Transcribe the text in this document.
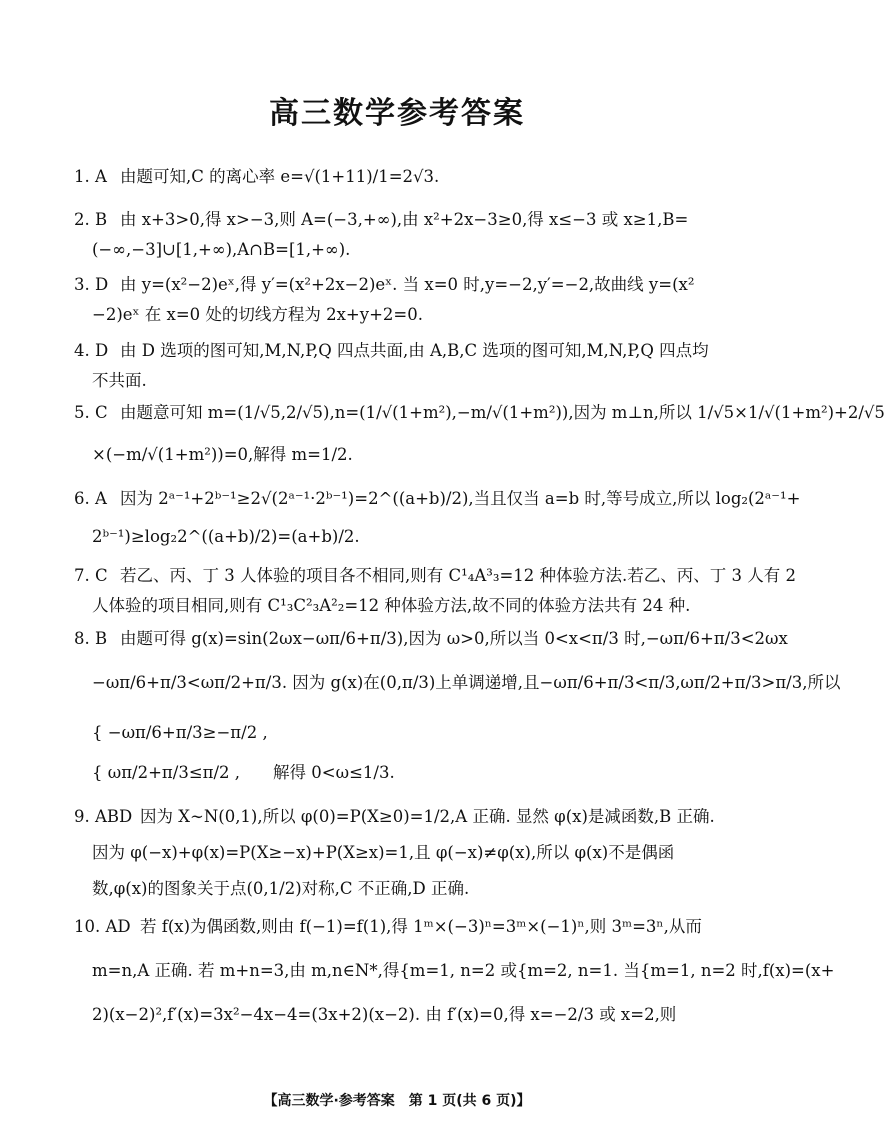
高三数学参考答案
1. A 由题可知,C 的离心率 e=√(1+11)/1=2√3.
2. B 由 x+3>0,得 x>−3,则 A=(−3,+∞),由 x²+2x−3≥0,得 x≤−3 或 x≥1,B=
(−∞,−3]∪[1,+∞),A∩B=[1,+∞).
3. D 由 y=(x²−2)eˣ,得 y′=(x²+2x−2)eˣ. 当 x=0 时,y=−2,y′=−2,故曲线 y=(x²
−2)eˣ 在 x=0 处的切线方程为 2x+y+2=0.
4. D 由 D 选项的图可知,M,N,P,Q 四点共面,由 A,B,C 选项的图可知,M,N,P,Q 四点均
不共面.
5. C 由题意可知 m=(1/√5,2/√5),n=(1/√(1+m²),−m/√(1+m²)),因为 m⊥n,所以 1/√5×1/√(1+m²)+2/√5
×(−m/√(1+m²))=0,解得 m=1/2.
6. A 因为 2ᵃ⁻¹+2ᵇ⁻¹≥2√(2ᵃ⁻¹·2ᵇ⁻¹)=2^((a+b)/2),当且仅当 a=b 时,等号成立,所以 log₂(2ᵃ⁻¹+
2ᵇ⁻¹)≥log₂2^((a+b)/2)=(a+b)/2.
7. C 若乙、丙、丁 3 人体验的项目各不相同,则有 C¹₄A³₃=12 种体验方法.若乙、丙、丁 3 人有 2
人体验的项目相同,则有 C¹₃C²₃A²₂=12 种体验方法,故不同的体验方法共有 24 种.
8. B 由题可得 g(x)=sin(2ωx−ωπ/6+π/3),因为 ω>0,所以当 0<x<π/3 时,−ωπ/6+π/3<2ωx
−ωπ/6+π/3<ωπ/2+π/3. 因为 g(x)在(0,π/3)上单调递增,且−ωπ/6+π/3<π/3,ωπ/2+π/3>π/3,所以
{ −ωπ/6+π/3≥−π/2 ,
{ ωπ/2+π/3≤π/2 ,　　解得 0<ω≤1/3.
9. ABD 因为 X∼N(0,1),所以 φ(0)=P(X≥0)=1/2,A 正确. 显然 φ(x)是减函数,B 正确.
因为 φ(−x)+φ(x)=P(X≥−x)+P(X≥x)=1,且 φ(−x)≠φ(x),所以 φ(x)不是偶函
数,φ(x)的图象关于点(0,1/2)对称,C 不正确,D 正确.
10. AD 若 f(x)为偶函数,则由 f(−1)=f(1),得 1ᵐ×(−3)ⁿ=3ᵐ×(−1)ⁿ,则 3ᵐ=3ⁿ,从而
m=n,A 正确. 若 m+n=3,由 m,n∈N*,得{m=1, n=2 或{m=2, n=1. 当{m=1, n=2 时,f(x)=(x+
2)(x−2)²,f′(x)=3x²−4x−4=(3x+2)(x−2). 由 f′(x)=0,得 x=−2/3 或 x=2,则
【高三数学·参考答案　第 1 页(共 6 页)】
